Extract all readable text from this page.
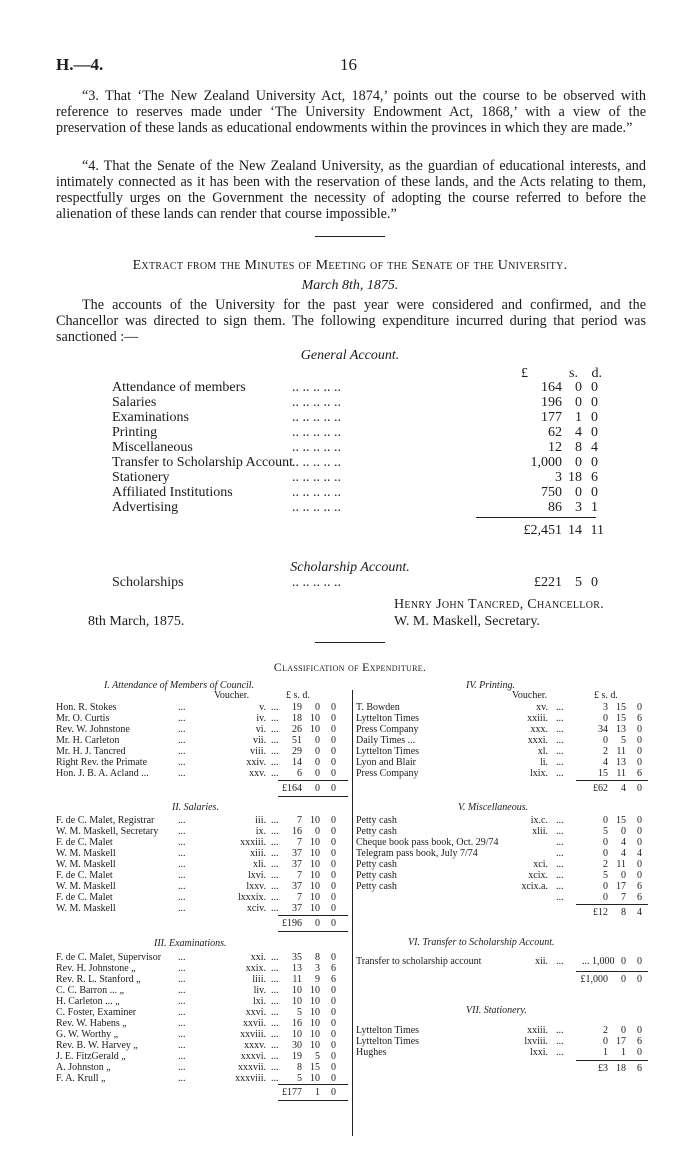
H.—4.	16

“3. That ‘The New Zealand University Act, 1874,’ points out the course to be observed with reference to reserves made under ‘The University Endowment Act, 1868,’ with a view of the preservation of these lands as educational endowments within the provinces in which they are made.”

“4. That the Senate of the New Zealand University, as the guardian of educational interests, and intimately connected as it has been with the reservation of these lands, and the Acts relating to them, respectfully urges on the Government the necessity of adopting the course referred to before the alienation of these lands can render that course impossible.”

Extract from the Minutes of Meeting of the Senate of the University.
March 8th, 1875.

The accounts of the University for the past year were considered and confirmed, and the Chancellor was directed to sign them. The following expenditure incurred during that period was sanctioned :—

General Account.
£	s. d.
Attendance of members	.. .. .. .. ..	164 0 0
Salaries	.. .. .. .. ..	196 0 0
Examinations	.. .. .. .. ..	177 1 0
Printing	.. .. .. .. ..	62 4 0
Miscellaneous	.. .. .. .. ..	12 8 4
Transfer to Scholarship Account
.. .. .. .. ..	1,000 0 0
Stationery	.. .. .. .. ..	3 18 6
Affiliated Institutions	.. .. .. .. ..	750 0 0
Advertising	.. .. .. .. ..	86 3 1
£2,451 14 11
Scholarship Account.
Scholarships	.. .. .. .. ..	£221 5 0
Henry John Tancred, Chancellor.
8th March, 1875.	W. M. Maskell, Secretary.
Classification of Expenditure.
I. Attendance of Members of Council.
Voucher.	£ s. d.
Hon. R. Stokes	...	v. ...	19	0	0
Mr. O. Curtis	...	iv. ...	18 10	0
Rev. W. Johnstone	...	vi. ...	26 10	0
Mr. H. Carleton	...	vii. ...	51	0	0
Mr. H. J. Tancred	...	viii. ...	29	0	0
Right Rev. the Primate	...	xxiv. ...	14	0	0
Hon. J. B. A. Acland ...	...	xxv. ...	6	0	0
£164	0	0
II. Salaries.
F. de C. Malet, Registrar ...	iii. ...	7 10	0
W. M. Maskell, Secretary ...	ix. ...	16	0	0
F. de C. Malet	...	xxxiii. ...	7 10	0
W. M. Maskell	...	xiii. ...	37 10	0
W. M. Maskell	...	xli. ...	37 10	0
F. de C. Malet	...	lxvi. ...	7 10	0
W. M. Maskell	...	lxxv. ...	37 10	0
F. de C. Malet	...	lxxxix. ...	7 10	0
W. M. Maskell	...	xciv. ...	37 10	0
£196	0	0
III. Examinations.
F. de C. Malet, Supervisor ...	xxi. ...	35	8	0
Rev. H. Johnstone „	...	xxix. ...	13	3	6
Rev. R. L. Stanford „	...	liii. ...	11	9	6
C. C. Barron ... „	...	liv. ...	10 10	0
H. Carleton ... „	...	lxi. ...	10 10	0
C. Foster, Examiner	...	xxvi. ...	5 10	0
Rev. W. Habens „	...	xxvii. ...	16 10	0
G. W. Worthy „	...	xxviii. ...	10 10	0
Rev. B. W. Harvey „	...	xxxv. ...	30 10	0
J. E. FitzGerald „	...	xxxvi. ...	19	5	0
A. Johnston „	...	xxxvii. ...	8 15	0
F. A. Krull „	...	xxxviii. ...	5 10	0
£177	1	0
IV. Printing.
Voucher.	£ s. d.
T. Bowden	xv. ...	3 15	0
Lyttelton Times	xxiii. ...	0 15	6
Press Company	xxx. ...	34 13	0
Daily Times ...	xxxi. ...	0	5	0
Lyttelton Times	xl. ...	2 11	0
Lyon and Blair	li. ...	4 13	0
Press Company	lxix. ...	15 11	6
£62	4	0
V. Miscellaneous.
Petty cash	ix.c. ...	0 15	0
Petty cash	xlii. ...	5	0	0
Cheque book pass book, Oct. 29/74	...	0	4	0
Telegram pass book, July 7/74	...	0	4	4
Petty cash	xci. ...	2 11	0
Petty cash	xcix. ...	5	0	0
Petty cash	xcix.a. ...	0 17	6
...	0	7	6
£12	8	4
VI. Transfer to Scholarship Account.
Transfer to scholarship account	xii. ... ... 1,000 0	0
£1,000	0	0
VII. Stationery.
Lyttelton Times	xxiii. ...	2	0	0
Lyttelton Times	lxviii. ...	0 17	6
Hughes	lxxi. ...	1	1	0
£3 18	6
